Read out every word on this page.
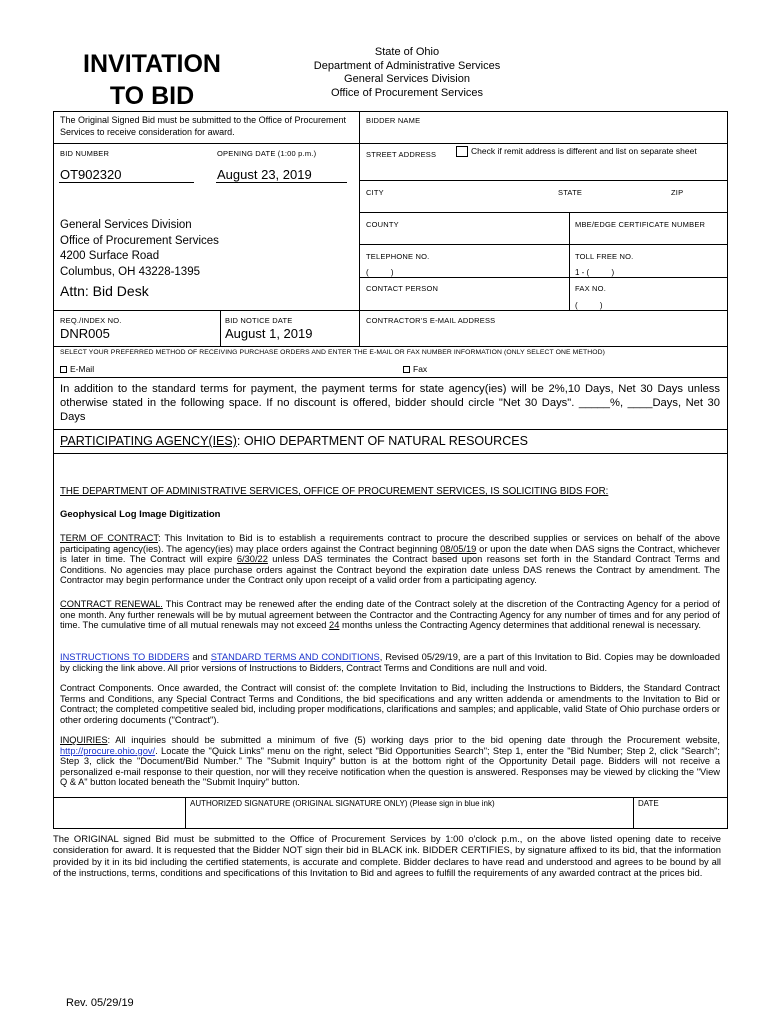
INVITATION
TO BID
State of Ohio
Department of Administrative Services
General Services Division
Office of Procurement Services
The Original Signed Bid must be submitted to the Office of Procurement Services to receive consideration for award.
BID NUMBER	OPENING DATE (1:00 p.m.)
OT902320	August 23, 2019
General Services Division
Office of Procurement Services
4200 Surface Road
Columbus, OH 43228-1395
Attn: Bid Desk
REQ./INDEX NO.
DNR005
BID NOTICE DATE
August 1, 2019
BIDDER NAME
STREET ADDRESS	Check if remit address is different and list on separate sheet
CITY	STATE	ZIP
COUNTY	MBE/EDGE CERTIFICATE NUMBER
TELEPHONE NO.
(          )
TOLL FREE NO.
1 - (          )
CONTACT PERSON	FAX NO.
(          )
CONTRACTOR'S E-MAIL ADDRESS
SELECT YOUR PREFERRED METHOD OF RECEIVING PURCHASE ORDERS AND ENTER THE E-MAIL OR FAX NUMBER INFORMATION (ONLY SELECT ONE METHOD)
E-Mail	Fax
In addition to the standard terms for payment, the payment terms for state agency(ies) will be 2%,10 Days, Net 30 Days unless otherwise stated in the following space. If no discount is offered, bidder should circle "Net 30 Days". _____%, ____Days, Net 30 Days
PARTICIPATING AGENCY(IES): OHIO DEPARTMENT OF NATURAL RESOURCES
THE DEPARTMENT OF ADMINISTRATIVE SERVICES, OFFICE OF PROCUREMENT SERVICES, IS SOLICITING BIDS FOR:
Geophysical Log Image Digitization
TERM OF CONTRACT: This Invitation to Bid is to establish a requirements contract to procure the described supplies or services on behalf of the above participating agency(ies). The agency(ies) may place orders against the Contract beginning 08/05/19 or upon the date when DAS signs the Contract, whichever is later in time. The Contract will expire 6/30/22 unless DAS terminates the Contract based upon reasons set forth in the Standard Contract Terms and Conditions. No agencies may place purchase orders against the Contract beyond the expiration date unless DAS renews the Contract by amendment. The Contractor may begin performance under the Contract only upon receipt of a valid order from a participating agency.
CONTRACT RENEWAL. This Contract may be renewed after the ending date of the Contract solely at the discretion of the Contracting Agency for a period of one month. Any further renewals will be by mutual agreement between the Contractor and the Contracting Agency for any number of times and for any period of time. The cumulative time of all mutual renewals may not exceed 24 months unless the Contracting Agency determines that additional renewal is necessary.
INSTRUCTIONS TO BIDDERS and STANDARD TERMS AND CONDITIONS, Revised 05/29/19, are a part of this Invitation to Bid. Copies may be downloaded by clicking the link above. All prior versions of Instructions to Bidders, Contract Terms and Conditions are null and void.
Contract Components. Once awarded, the Contract will consist of: the complete Invitation to Bid, including the Instructions to Bidders, the Standard Contract Terms and Conditions, any Special Contract Terms and Conditions, the bid specifications and any written addenda or amendments to the Invitation to Bid or Contract; the completed competitive sealed bid, including proper modifications, clarifications and samples; and applicable, valid State of Ohio purchase orders or other ordering documents ("Contract").
INQUIRIES: All inquiries should be submitted a minimum of five (5) working days prior to the bid opening date through the Procurement website, http://procure.ohio.gov/. Locate the "Quick Links" menu on the right, select "Bid Opportunities Search"; Step 1, enter the "Bid Number; Step 2, click "Search"; Step 3, click the "Document/Bid Number." The "Submit Inquiry" button is at the bottom right of the Opportunity Detail page. Bidders will not receive a personalized e-mail response to their question, nor will they receive notification when the question is answered. Responses may be viewed by clicking the "View Q & A" button located beneath the "Submit Inquiry" button.
AUTHORIZED SIGNATURE (ORIGINAL SIGNATURE ONLY) (Please sign in blue ink)	DATE
The ORIGINAL signed Bid must be submitted to the Office of Procurement Services by 1:00 o'clock p.m., on the above listed opening date to receive consideration for award. It is requested that the Bidder NOT sign their bid in BLACK ink. BIDDER CERTIFIES, by signature affixed to its bid, that the information provided by it in its bid including the certified statements, is accurate and complete. Bidder declares to have read and understood and agrees to be bound by all of the instructions, terms, conditions and specifications of this Invitation to Bid and agrees to fulfill the requirements of any awarded contract at the prices bid.
Rev. 05/29/19
